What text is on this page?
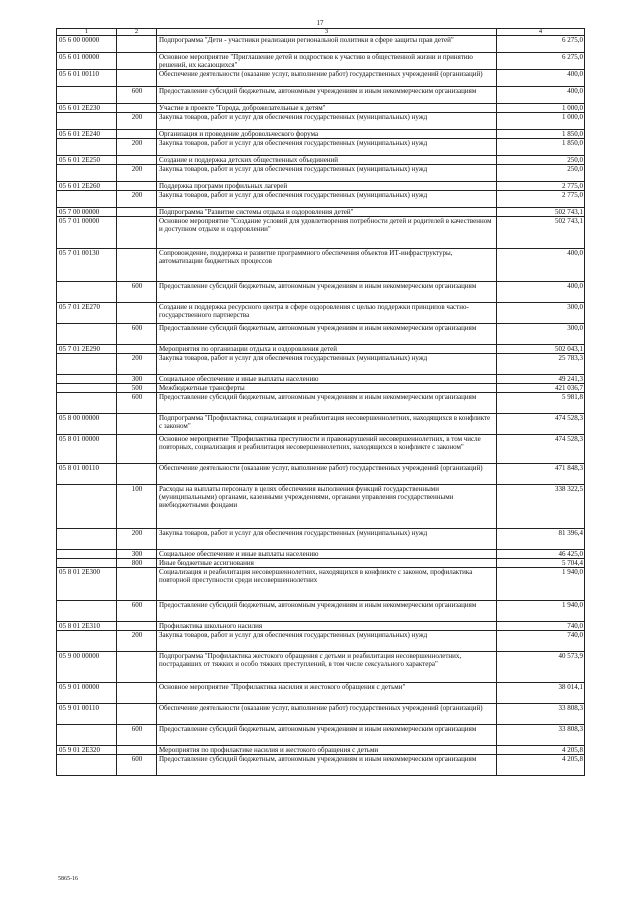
17
1	2	3	4
05 6 00 00000		Подпрограмма "Дети - участники реализации региональной политики в сфере защиты прав детей"	6 275,0
05 6 01 00000		Основное мероприятие "Приглашение детей и подростков к участию в общественной жизни и принятию решений, их касающихся"	6 275,0
05 6 01 00110		Обеспечение деятельности (оказание услуг, выполнение работ) государственных учреждений (организаций)	400,0
	600	Предоставление субсидий бюджетным, автономным учреждениям и иным некоммерческим организациям	400,0
05 6 01 2Е230		Участие в проекте "Города, доброжелательные к детям"	1 000,0
	200	Закупка товаров, работ и услуг для обеспечения государственных (муниципальных) нужд	1 000,0
05 6 01 2Е240		Организация и проведение добровольческого форума	1 850,0
	200	Закупка товаров, работ и услуг для обеспечения государственных (муниципальных) нужд	1 850,0
05 6 01 2Е250		Создание и поддержка детских общественных объединений	250,0
	200	Закупка товаров, работ и услуг для обеспечения государственных (муниципальных) нужд	250,0
05 6 01 2Е260		Поддержка программ профильных лагерей	2 775,0
	200	Закупка товаров, работ и услуг для обеспечения государственных (муниципальных) нужд	2 775,0
05 7 00 00000		Подпрограмма "Развитие системы отдыха и оздоровления детей"	502 743,1
05 7 01 00000		Основное мероприятие "Создание условий для удовлетворения потребности детей и родителей в качественном и доступном отдыхе и оздоровлении"	502 743,1
05 7 01 00130		Сопровождение, поддержка и развитие программного обеспечения объектов ИТ-инфраструктуры, автоматизации бюджетных процессов	400,0
	600	Предоставление субсидий бюджетным, автономным учреждениям и иным некоммерческим организациям	400,0
05 7 01 2Е270		Создание и поддержка ресурсного центра в сфере оздоровления с целью поддержки принципов частно-государственного партнерства	300,0
	600	Предоставление субсидий бюджетным, автономным учреждениям и иным некоммерческим организациям	300,0
05 7 01 2Е290		Мероприятия по организации отдыха и оздоровления детей	502 043,1
	200	Закупка товаров, работ и услуг для обеспечения государственных (муниципальных) нужд	25 783,3
	300	Социальное обеспечение и иные выплаты населению	49 241,3
	500	Межбюджетные трансферты	421 036,7
	600	Предоставление субсидий бюджетным, автономным учреждениям и иным некоммерческим организациям	5 981,8
05 8 00 00000		Подпрограмма "Профилактика, социализация и реабилитация несовершеннолетних, находящихся в конфликте с законом"	474 528,3
05 8 01 00000		Основное мероприятие "Профилактика преступности и правонарушений несовершеннолетних, в том числе повторных, социализация и реабилитация несовершеннолетних, находящихся в конфликте с законом"	474 528,3
05 8 01 00110		Обеспечение деятельности (оказание услуг, выполнение работ) государственных учреждений (организаций)	471 848,3
	100	Расходы на выплаты персоналу в целях обеспечения выполнения функций государственными (муниципальными) органами, казенными учреждениями, органами управления государственными внебюджетными фондами	338 322,5
	200	Закупка товаров, работ и услуг для обеспечения государственных (муниципальных) нужд	81 396,4
	300	Социальное обеспечение и иные выплаты населению	46 425,0
	800	Иные бюджетные ассигнования	5 704,4
05 8 01 2Е300		Социализация и реабилитация несовершеннолетних, находящихся в конфликте с законом, профилактика повторной преступности среди несовершеннолетних	1 940,0
	600	Предоставление субсидий бюджетным, автономным учреждениям и иным некоммерческим организациям	1 940,0
05 8 01 2Е310		Профилактика школьного насилия	740,0
	200	Закупка товаров, работ и услуг для обеспечения государственных (муниципальных) нужд	740,0
05 9 00 00000		Подпрограмма "Профилактика жестокого обращения с детьми и реабилитация несовершеннолетних, пострадавших от тяжких и особо тяжких преступлений, в том числе сексуального характера"	40 573,9
05 9 01 00000		Основное мероприятие "Профилактика насилия и жестокого обращения с детьми"	38 014,1
05 9 01 00110		Обеспечение деятельности (оказание услуг, выполнение работ) государственных учреждений (организаций)	33 808,3
	600	Предоставление субсидий бюджетным, автономным учреждениям и иным некоммерческим организациям	33 808,3
05 9 01 2Е320		Мероприятия по профилактике насилия и жестокого обращения с детьми	4 205,8
	600	Предоставление субсидий бюджетным, автономным учреждениям и иным некоммерческим организациям	4 205,8
5865-16
